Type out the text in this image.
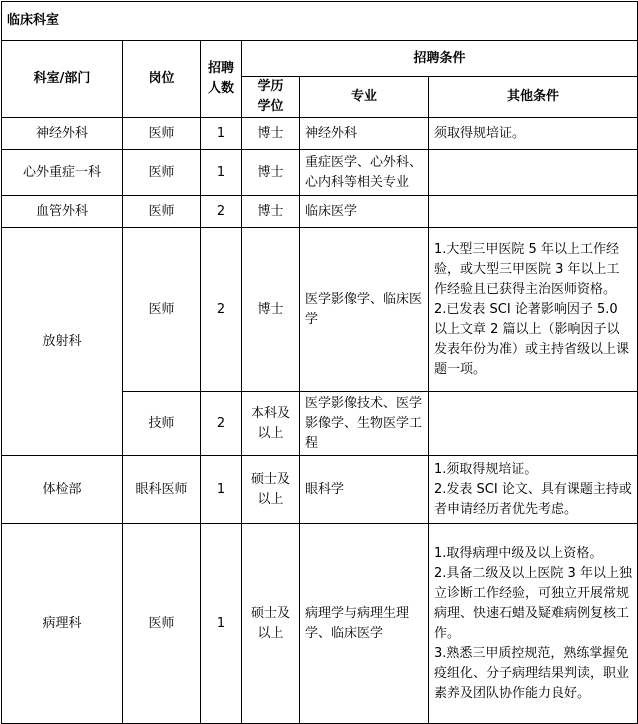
临床科室					
科室/部门	岗位	招聘
人数	招聘条件		
			学历
学位	专业	其他条件
神经外科	医师	1	博士	神经外科	须取得规培证。
心外重症一科	医师	1	博士	重症医学、心外科、心内科等相关专业	
血管外科	医师	2	博士	临床医学	
放射科	医师	2	博士	医学影像学、临床医学	1.大型三甲医院 5 年以上工作经验，或大型三甲医院 3 年以上工作经验且已获得主治医师资格。
2.已发表 SCI 论著影响因子 5.0 以上文章 2 篇以上（影响因子以发表年份为准）或主持省级以上课题一项。
	技师	2	本科及以上	医学影像技术、医学影像学、生物医学工程	
体检部	眼科医师	1	硕士及以上	眼科学	1.须取得规培证。
2.发表 SCI 论文、具有课题主持或者申请经历者优先考虑。
病理科	医师	1	硕士及以上	病理学与病理生理学、临床医学	1.取得病理中级及以上资格。
2.具备二级及以上医院 3 年以上独立诊断工作经验，可独立开展常规病理、快速石蜡及疑难病例复核工作。
3.熟悉三甲质控规范，熟练掌握免疫组化、分子病理结果判读，职业素养及团队协作能力良好。
